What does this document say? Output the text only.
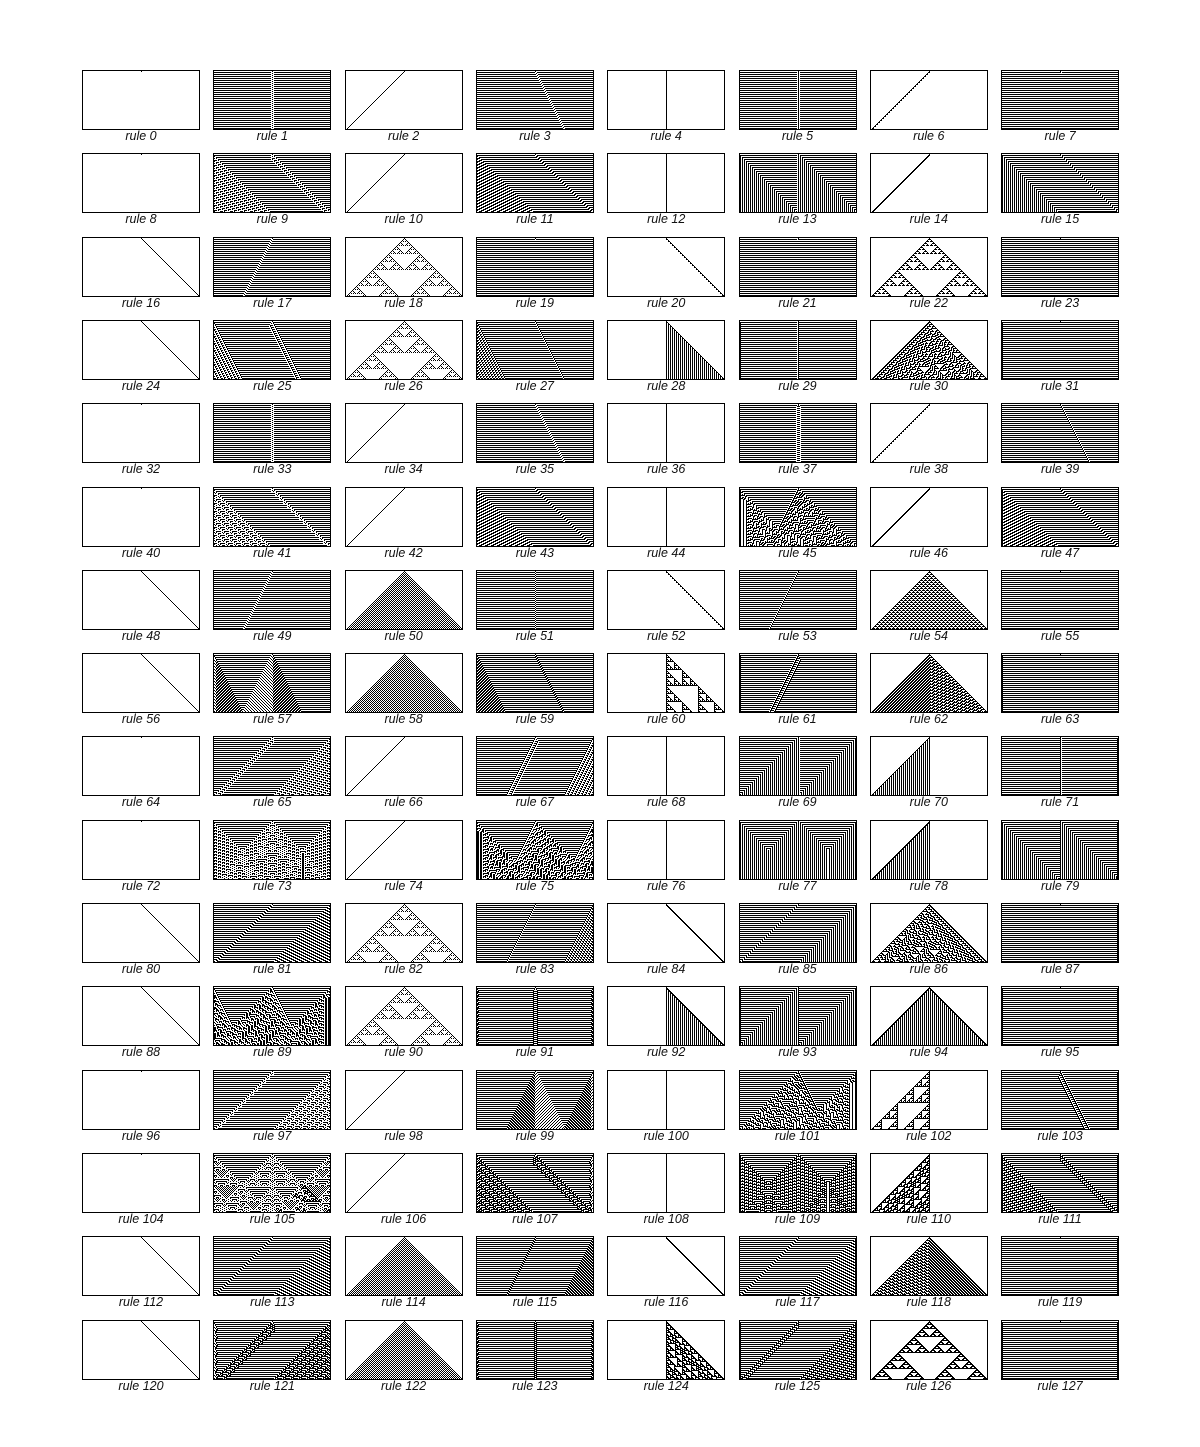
rule 0	rule 1	rule 2	rule 3	rule 4	rule 5	rule 6	rule 7
rule 8	rule 9	rule 10	rule 11	rule 12	rule 13	rule 14	rule 15
rule 16	rule 17	rule 18	rule 19	rule 20	rule 21	rule 22	rule 23
rule 24	rule 25	rule 26	rule 27	rule 28	rule 29	rule 30	rule 31
rule 32	rule 33	rule 34	rule 35	rule 36	rule 37	rule 38	rule 39
rule 40	rule 41	rule 42	rule 43	rule 44	rule 45	rule 46	rule 47
rule 48	rule 49	rule 50	rule 51	rule 52	rule 53	rule 54	rule 55
rule 56	rule 57	rule 58	rule 59	rule 60	rule 61	rule 62	rule 63
rule 64	rule 65	rule 66	rule 67	rule 68	rule 69	rule 70	rule 71
rule 72	rule 73	rule 74	rule 75	rule 76	rule 77	rule 78	rule 79
rule 80	rule 81	rule 82	rule 83	rule 84	rule 85	rule 86	rule 87
rule 88	rule 89	rule 90	rule 91	rule 92	rule 93	rule 94	rule 95
rule 96	rule 97	rule 98	rule 99	rule 100	rule 101	rule 102	rule 103
rule 104	rule 105	rule 106	rule 107	rule 108	rule 109	rule 110	rule 111
rule 112	rule 113	rule 114	rule 115	rule 116	rule 117	rule 118	rule 119
rule 120	rule 121	rule 122	rule 123	rule 124	rule 125	rule 126	rule 127
